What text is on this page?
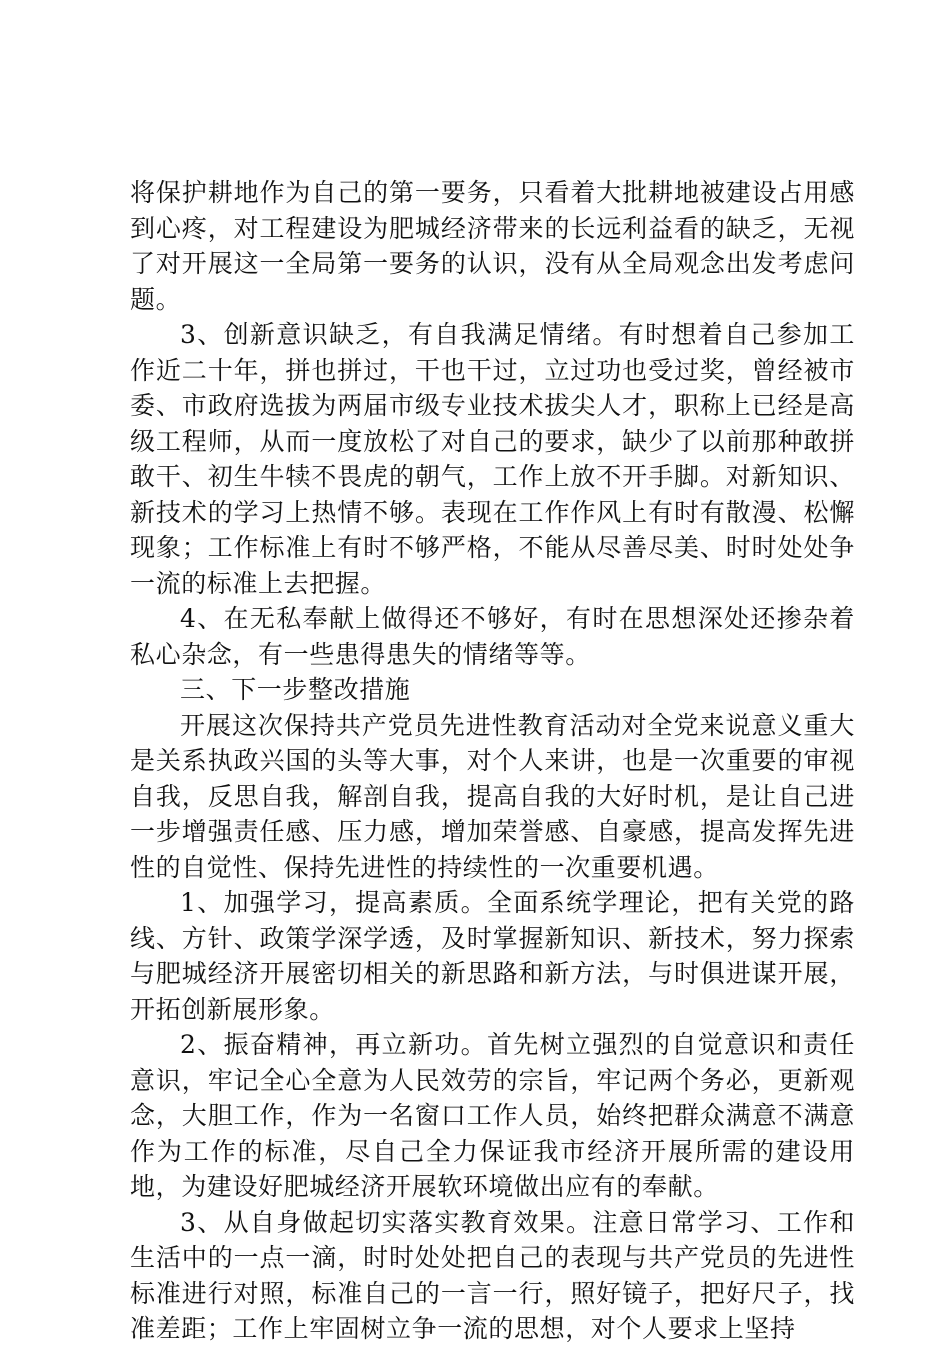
将保护耕地作为自己的第一要务，只看着大批耕地被建设占用感到心疼，对工程建设为肥城经济带来的长远利益看的缺乏，无视了对开展这一全局第一要务的认识，没有从全局观念出发考虑问题。

3、创新意识缺乏，有自我满足情绪。有时想着自己参加工作近二十年，拼也拼过，干也干过，立过功也受过奖，曾经被市委、市政府选拔为两届市级专业技术拔尖人才，职称上已经是高级工程师，从而一度放松了对自己的要求，缺少了以前那种敢拼敢干、初生牛犊不畏虎的朝气，工作上放不开手脚。对新知识、新技术的学习上热情不够。表现在工作作风上有时有散漫、松懈现象；工作标准上有时不够严格，不能从尽善尽美、时时处处争一流的标准上去把握。

4、在无私奉献上做得还不够好，有时在思想深处还掺杂着私心杂念，有一些患得患失的情绪等等。

三、下一步整改措施

开展这次保持共产党员先进性教育活动对全党来说意义重大是关系执政兴国的头等大事，对个人来讲，也是一次重要的审视自我，反思自我，解剖自我，提高自我的大好时机，是让自己进一步增强责任感、压力感，增加荣誉感、自豪感，提高发挥先进性的自觉性、保持先进性的持续性的一次重要机遇。

1、加强学习，提高素质。全面系统学理论，把有关党的路线、方针、政策学深学透，及时掌握新知识、新技术，努力探索与肥城经济开展密切相关的新思路和新方法，与时俱进谋开展，开拓创新展形象。

2、振奋精神，再立新功。首先树立强烈的自觉意识和责任意识，牢记全心全意为人民效劳的宗旨，牢记两个务必，更新观念，大胆工作，作为一名窗口工作人员，始终把群众满意不满意作为工作的标准，尽自己全力保证我市经济开展所需的建设用地，为建设好肥城经济开展软环境做出应有的奉献。

3、从自身做起切实落实教育效果。注意日常学习、工作和生活中的一点一滴，时时处处把自己的表现与共产党员的先进性标准进行对照，标准自己的一言一行，照好镜子，把好尺子，找准差距；工作上牢固树立争一流的思想，对个人要求上坚持
